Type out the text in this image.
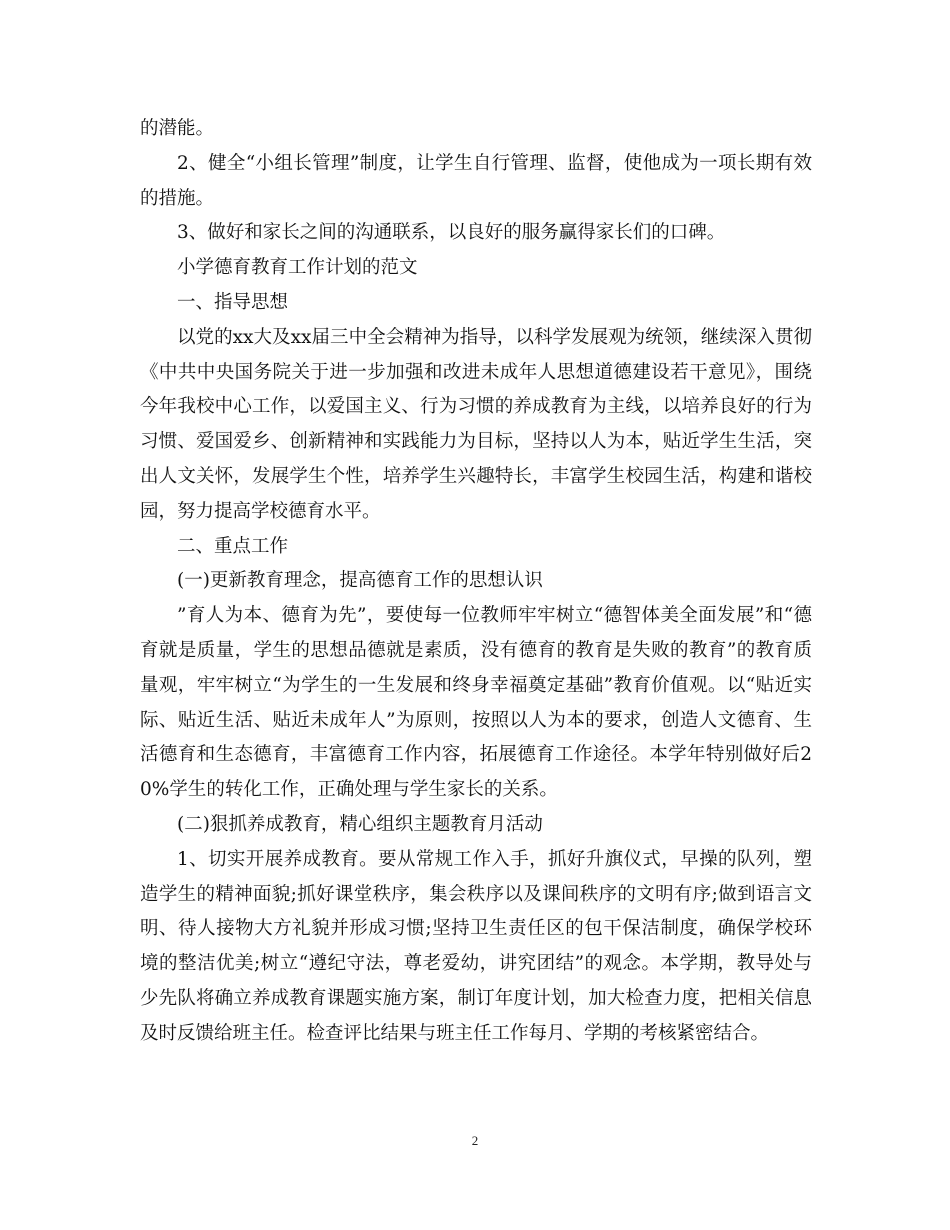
的潜能。

2、健全“小组长管理”制度，让学生自行管理、监督，使他成为一项长期有效的措施。

3、做好和家长之间的沟通联系，以良好的服务赢得家长们的口碑。

小学德育教育工作计划的范文

一、指导思想

以党的xx大及xx届三中全会精神为指导，以科学发展观为统领，继续深入贯彻《中共中央国务院关于进一步加强和改进未成年人思想道德建设若干意见》，围绕今年我校中心工作，以爱国主义、行为习惯的养成教育为主线，以培养良好的行为习惯、爱国爱乡、创新精神和实践能力为目标，坚持以人为本，贴近学生生活，突出人文关怀，发展学生个性，培养学生兴趣特长，丰富学生校园生活，构建和谐校园，努力提高学校德育水平。

二、重点工作

(一)更新教育理念，提高德育工作的思想认识

”育人为本、德育为先”，要使每一位教师牢牢树立“德智体美全面发展”和“德育就是质量，学生的思想品德就是素质，没有德育的教育是失败的教育”的教育质量观，牢牢树立“为学生的一生发展和终身幸福奠定基础”教育价值观。以“贴近实际、贴近生活、贴近未成年人”为原则，按照以人为本的要求，创造人文德育、生活德育和生态德育，丰富德育工作内容，拓展德育工作途径。本学年特别做好后20%学生的转化工作，正确处理与学生家长的关系。

(二)狠抓养成教育，精心组织主题教育月活动

1、切实开展养成教育。要从常规工作入手，抓好升旗仪式，早操的队列，塑造学生的精神面貌;抓好课堂秩序，集会秩序以及课间秩序的文明有序;做到语言文明、待人接物大方礼貌并形成习惯;坚持卫生责任区的包干保洁制度，确保学校环境的整洁优美;树立“遵纪守法，尊老爱幼，讲究团结”的观念。本学期，教导处与少先队将确立养成教育课题实施方案，制订年度计划，加大检查力度，把相关信息及时反馈给班主任。检查评比结果与班主任工作每月、学期的考核紧密结合。

2
